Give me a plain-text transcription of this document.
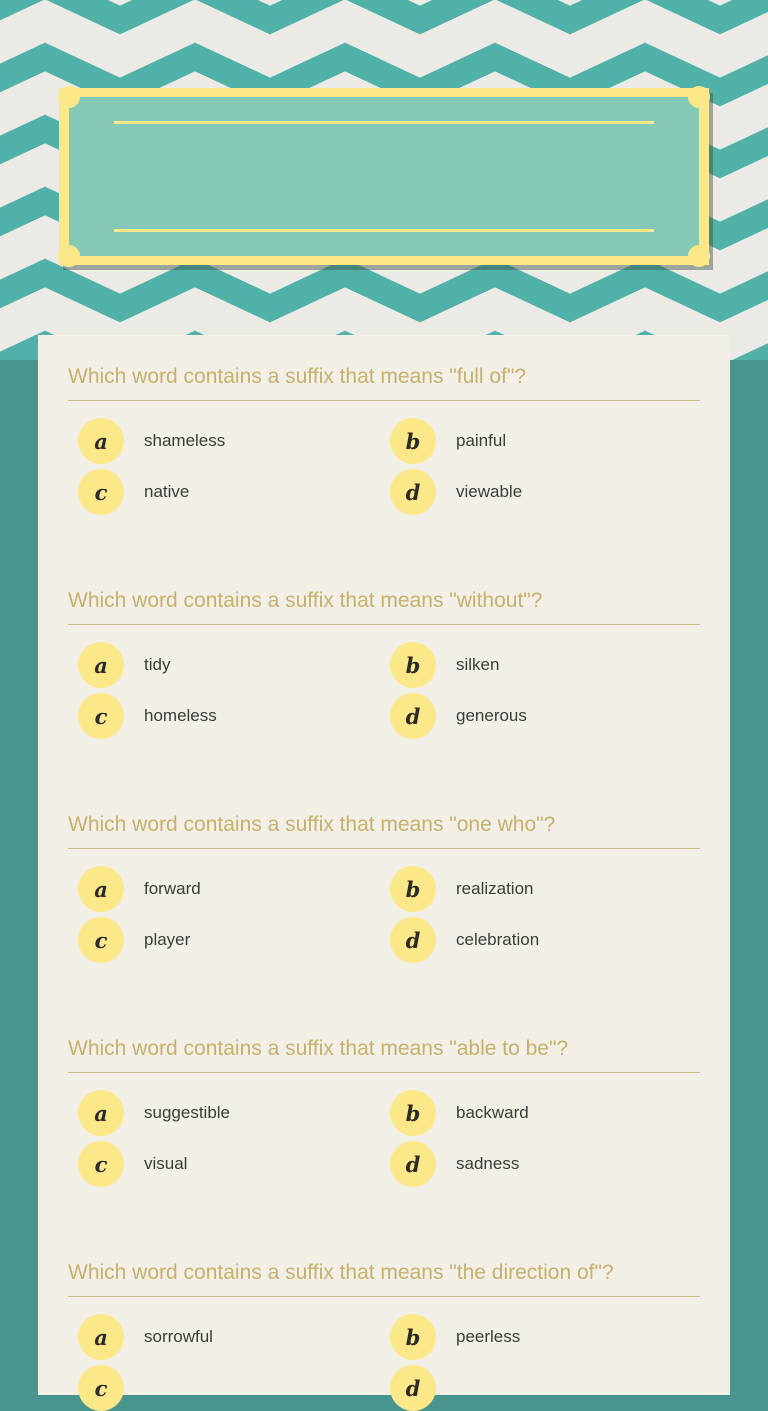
Which word contains a suffix that means "full of"?
a	shameless	b	painful
c	native	d	viewable
Which word contains a suffix that means "without"?
a	tidy	b	silken
c	homeless	d	generous
Which word contains a suffix that means "one who"?
a	forward	b	realization
c	player	d	celebration
Which word contains a suffix that means "able to be"?
a	suggestible	b	backward
c	visual	d	sadness
Which word contains a suffix that means "the direction of"?
a	sorrowful	b	peerless
c	d
